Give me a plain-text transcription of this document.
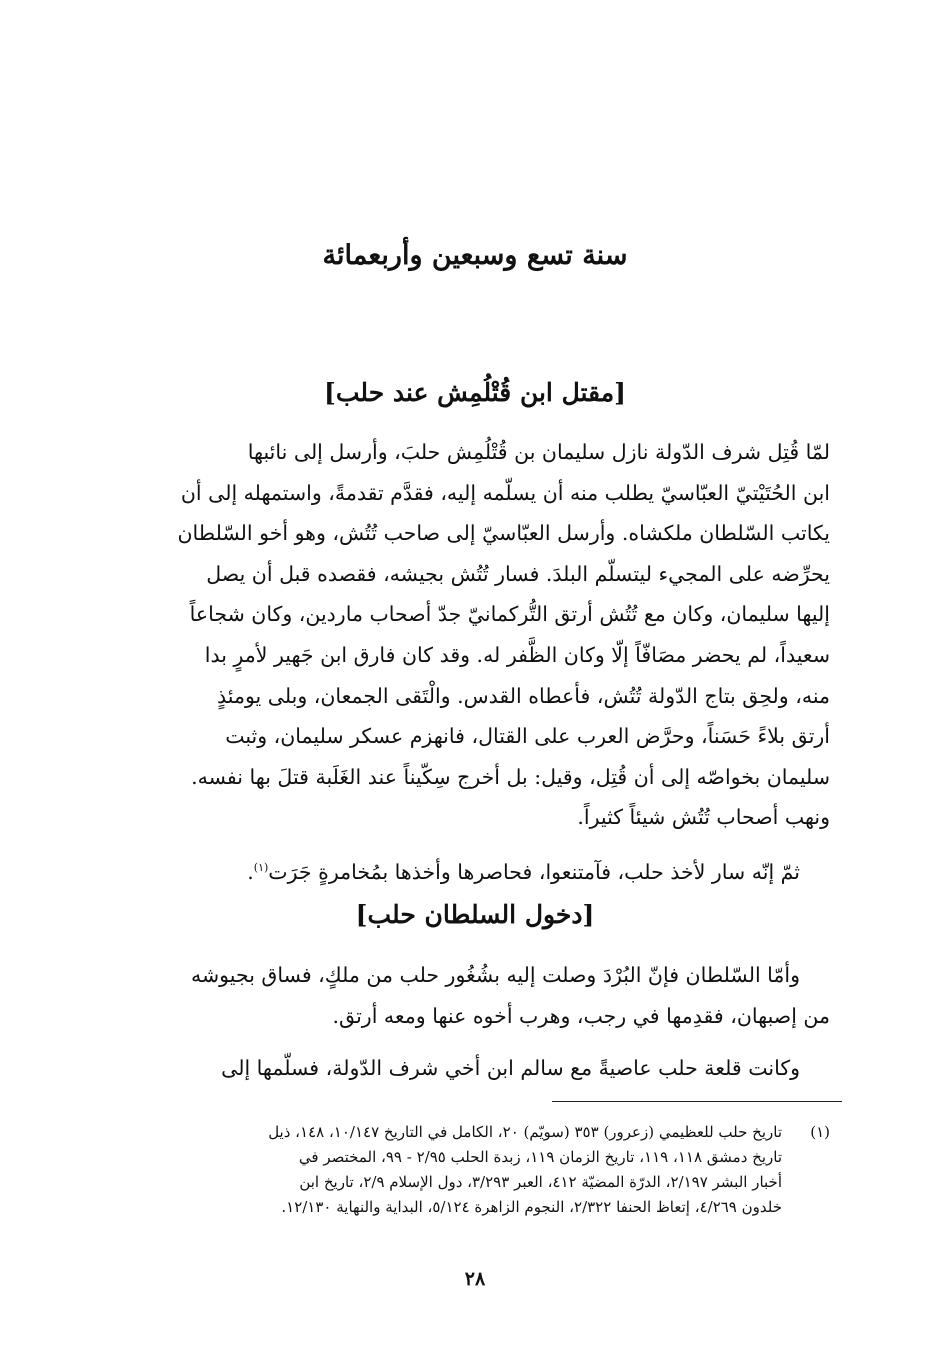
سنة تسع وسبعين وأربعمائة
[مقتل ابن قُتْلُمِش عند حلب]
لمّا قُتِل شرف الدّولة نازل سليمان بن قُتْلُمِش حلبَ، وأرسل إلى نائبها
ابن الحُتَيْتيّ العبّاسيّ يطلب منه أن يسلّمه إليه، فقدَّم تقدمةً، واستمهله إلى أن
يكاتب السّلطان ملكشاه. وأرسل العبّاسيّ إلى صاحب تُتُش، وهو أخو السّلطان
يحرِّضه على المجيء ليتسلّم البلدَ. فسار تُتُش بجيشه، فقصده قبل أن يصل
إليها سليمان، وكان مع تُتُش أرتق التُّركمانيّ جدّ أصحاب ماردين، وكان شجاعاً
سعيداً، لم يحضر مصَافّاً إلّا وكان الظَّفر له. وقد كان فارق ابن جَهير لأمرٍ بدا
منه، ولحِق بتاج الدّولة تُتُش، فأعطاه القدس. والْتَقى الجمعان، وبلى يومئذٍ
أرتق بلاءً حَسَناً، وحرَّض العرب على القتال، فانهزم عسكر سليمان، وثبت
سليمان بخواصّه إلى أن قُتِل، وقيل: بل أخرج سِكّيناً عند الغَلَبة قتلَ بها نفسه.
ونهب أصحاب تُتُش شيئاً كثيراً.
ثمّ إنّه سار لأخذ حلب، فآمتنعوا، فحاصرها وأخذها بمُخامرةٍ جَرَت$^{(١)}$.
[دخول السلطان حلب]
وأمّا السّلطان فإنّ البُرْدَ وصلت إليه بشُغُور حلب من ملكٍ، فساق بجيوشه
من إصبهان، فقدِمها في رجب، وهرب أخوه عنها ومعه أرتق.
وكانت قلعة حلب عاصيةً مع سالم ابن أخي شرف الدّولة، فسلّمها إلى
(١)
تاريخ حلب للعظيمي (زعرور) ٣٥٣ (سويّم) ٢٠، الكامل في التاريخ ١٠/١٤٧، ١٤٨، ذيل
تاريخ دمشق ١١٨، ١١٩، تاريخ الزمان ١١٩، زبدة الحلب ٢/٩٥ - ٩٩، المختصر في
أخبار البشر ٢/١٩٧، الدرّة المضيّة ٤١٢، العبر ٣/٢٩٣، دول الإسلام ٢/٩، تاريخ ابن
خلدون ٤/٢٦٩، إتعاظ الحنفا ٢/٣٢٢، النجوم الزاهرة ٥/١٢٤، البداية والنهاية ١٢/١٣٠.
٢٨
